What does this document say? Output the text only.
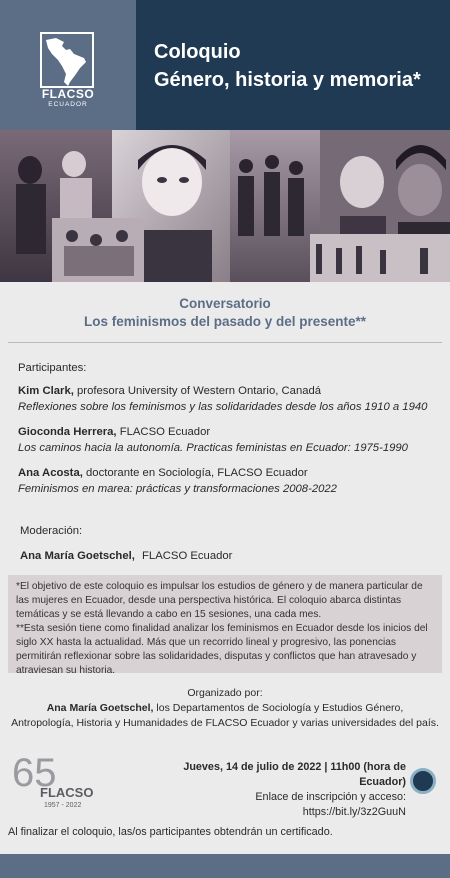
FLACSO
ECUADOR
Coloquio
Género, historia y memoria*
Conversatorio
Los feminismos del pasado y del presente**
Participantes:
Kim Clark, profesora University of Western Ontario, Canadá
Reflexiones sobre los feminismos y las solidaridades desde los años 1910 a 1940
Gioconda Herrera, FLACSO Ecuador
Los caminos hacia la autonomía. Practicas feministas en Ecuador: 1975-1990
Ana Acosta, doctorante en Sociología, FLACSO Ecuador
Feminismos en marea: prácticas y transformaciones 2008-2022
Moderación:
Ana María Goetschel, FLACSO Ecuador
*El objetivo de este coloquio es impulsar los estudios de género y de manera particular de las mujeres en Ecuador, desde una perspectiva histórica. El coloquio abarca distintas temáticas y se está llevando a cabo en 15 sesiones, una cada mes.
**Esta sesión tiene como finalidad analizar los feminismos en Ecuador desde los inicios del siglo XX hasta la actualidad. Más que un recorrido lineal y progresivo, las ponencias permitirán reflexionar sobre las solidaridades, disputas y conflictos que han atravesado y atraviesan su historia.
Organizado por:
Ana María Goetschel, los Departamentos de Sociología y Estudios Género,
Antropología, Historia y Humanidades de FLACSO Ecuador y varias universidades del país.
65
FLACSO
1957 - 2022
Jueves, 14 de julio de 2022 | 11h00 (hora de Ecuador)
Enlace de inscripción y acceso:
https://bit.ly/3z2GuuN
Al finalizar el coloquio, las/os participantes obtendrán un certificado.
